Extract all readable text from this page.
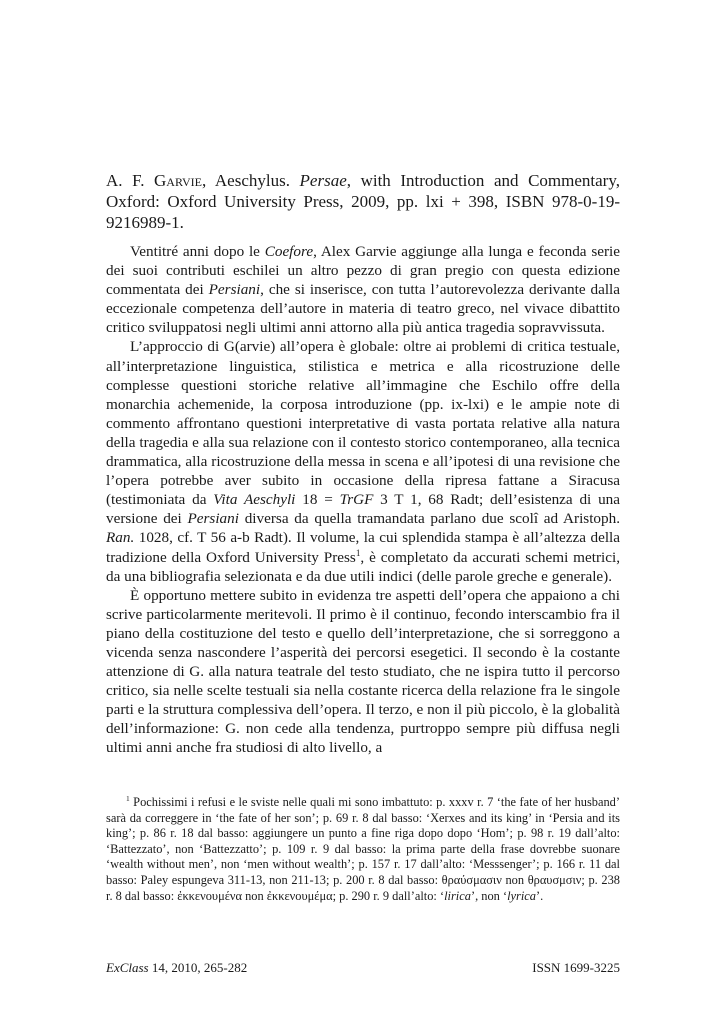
A. F. Garvie, Aeschylus. Persae, with Introduction and Commentary, Oxford: Oxford University Press, 2009, pp. lxi + 398, ISBN 978-0-19-9216989-1.

Ventitré anni dopo le Coefore, Alex Garvie aggiunge alla lunga e feconda serie dei suoi contributi eschilei un altro pezzo di gran pregio con questa edizione commentata dei Persiani, che si inserisce, con tutta l’autorevolezza derivante dalla eccezionale competenza dell’autore in materia di teatro greco, nel vivace dibattito critico sviluppatosi negli ultimi anni attorno alla più antica tragedia sopravvissuta.

L’approccio di G(arvie) all’opera è globale: oltre ai problemi di critica testuale, all’interpretazione linguistica, stilistica e metrica e alla ricostruzione delle complesse questioni storiche relative all’immagine che Eschilo offre della monarchia achemenide, la corposa introduzione (pp. ix-lxi) e le ampie note di commento affrontano questioni interpretative di vasta portata relative alla natura della tragedia e alla sua relazione con il contesto storico contemporaneo, alla tecnica drammatica, alla ricostruzione della messa in scena e all’ipotesi di una revisione che l’opera potrebbe aver subito in occasione della ripresa fattane a Siracusa (testimoniata da Vita Aeschyli 18 = TrGF 3 T 1, 68 Radt; dell’esistenza di una versione dei Persiani diversa da quella tramandata parlano due scolî ad Aristoph. Ran. 1028, cf. T 56 a-b Radt). Il volume, la cui splendida stampa è all’altezza della tradizione della Oxford University Press$^1$, è completato da accurati schemi metrici, da una bibliografia selezionata e da due utili indici (delle parole greche e generale).

È opportuno mettere subito in evidenza tre aspetti dell’opera che appaiono a chi scrive particolarmente meritevoli. Il primo è il continuo, fecondo interscambio fra il piano della costituzione del testo e quello dell’interpretazione, che si sorreggono a vicenda senza nascondere l’asperità dei percorsi esegetici. Il secondo è la costante attenzione di G. alla natura teatrale del testo studiato, che ne ispira tutto il percorso critico, sia nelle scelte testuali sia nella costante ricerca della relazione fra le singole parti e la struttura complessiva dell’opera. Il terzo, e non il più piccolo, è la globalità dell’informazione: G. non cede alla tendenza, purtroppo sempre più diffusa negli ultimi anni anche fra studiosi di alto livello, a

$^1$ Pochissimi i refusi e le sviste nelle quali mi sono imbattuto: p. xxxv r. 7 ‘the fate of her husband’ sarà da correggere in ‘the fate of her son’; p. 69 r. 8 dal basso: ‘Xerxes and its king’ in ‘Persia and its king’; p. 86 r. 18 dal basso: aggiungere un punto a fine riga dopo dopo ‘Hom’; p. 98 r. 19 dall’alto: ‘Battezzato’, non ‘Battezzatto’; p. 109 r. 9 dal basso: la prima parte della frase dovrebbe suonare ‘wealth without men’, non ‘men without wealth’; p. 157 r. 17 dall’alto: ‘Messsenger’; p. 166 r. 11 dal basso: Paley espungeva 311-13, non 211-13; p. 200 r. 8 dal basso: θραύσμασιν non θραυσμσιν; p. 238 r. 8 dal basso: ἐκκενουμένα non ἐκκενουμέμα; p. 290 r. 9 dall’alto: ‘lirica’, non ‘lyrica’.

ExClass 14, 2010, 265-282	ISSN 1699-3225
